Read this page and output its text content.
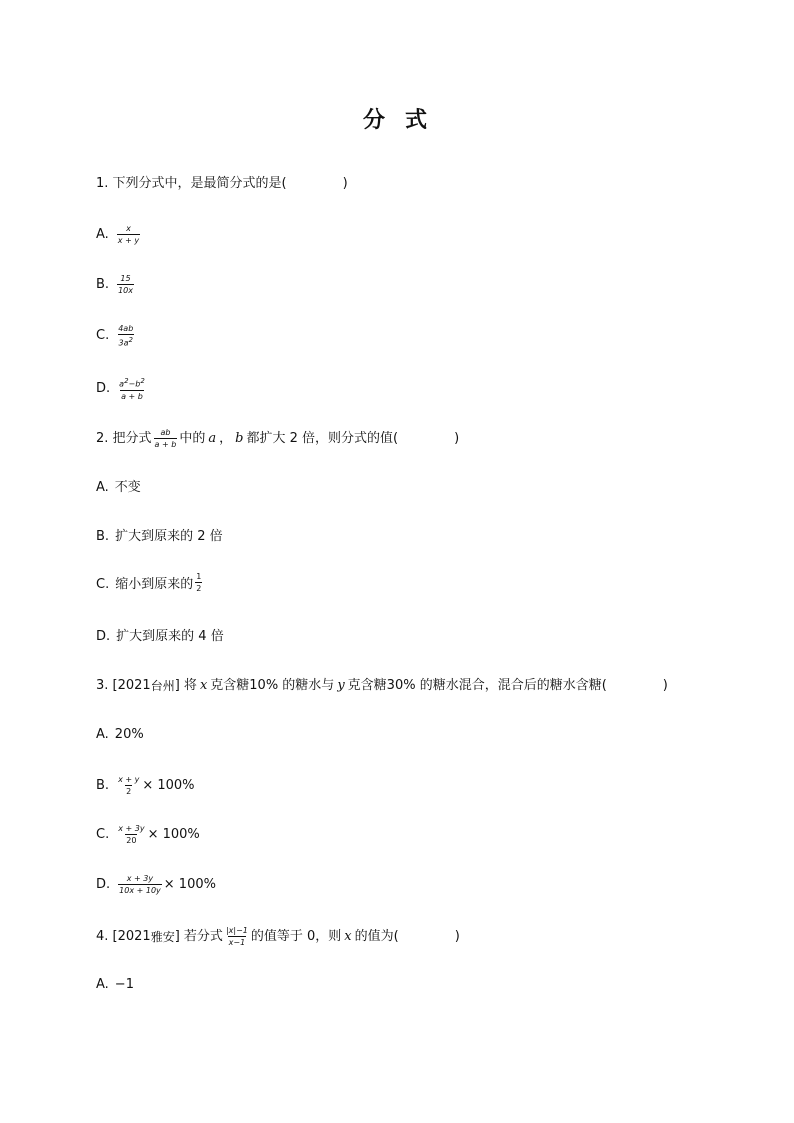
分 式
1. 下列分式中，是最简分式的是(	)
A. $\frac{x}{x + y}$
B. $\frac{15}{10x}$
C. $\frac{4ab}{3a2}$
D. $\frac{a2-b2}{a + b}$
2. 把分式 $\frac{ab}{a + b}$ 中的 a ， b 都扩大 2 倍，则分式的值(	)
A. 不变
B. 扩大到原来的 2 倍
C. 缩小到原来的 $\frac{1}{2}$
D. 扩大到原来的 4 倍
3. [2021 台州 ] 将 x 克含糖10% 的糖水与 y 克含糖30% 的糖水混合，混合后的糖水含糖(	)
A. 20%
B. $\frac{x + y}{2} \times 100\%$
C. $\frac{x + 3y}{20} \times 100\%$
D. $\frac{x + 3y}{10x + 10y} \times 100\%$
4. [2021 雅安 ] 若分式 $\frac{|x|-1}{x-1}$ 的值等于 0，则 x 的值为(	)
A. −1
